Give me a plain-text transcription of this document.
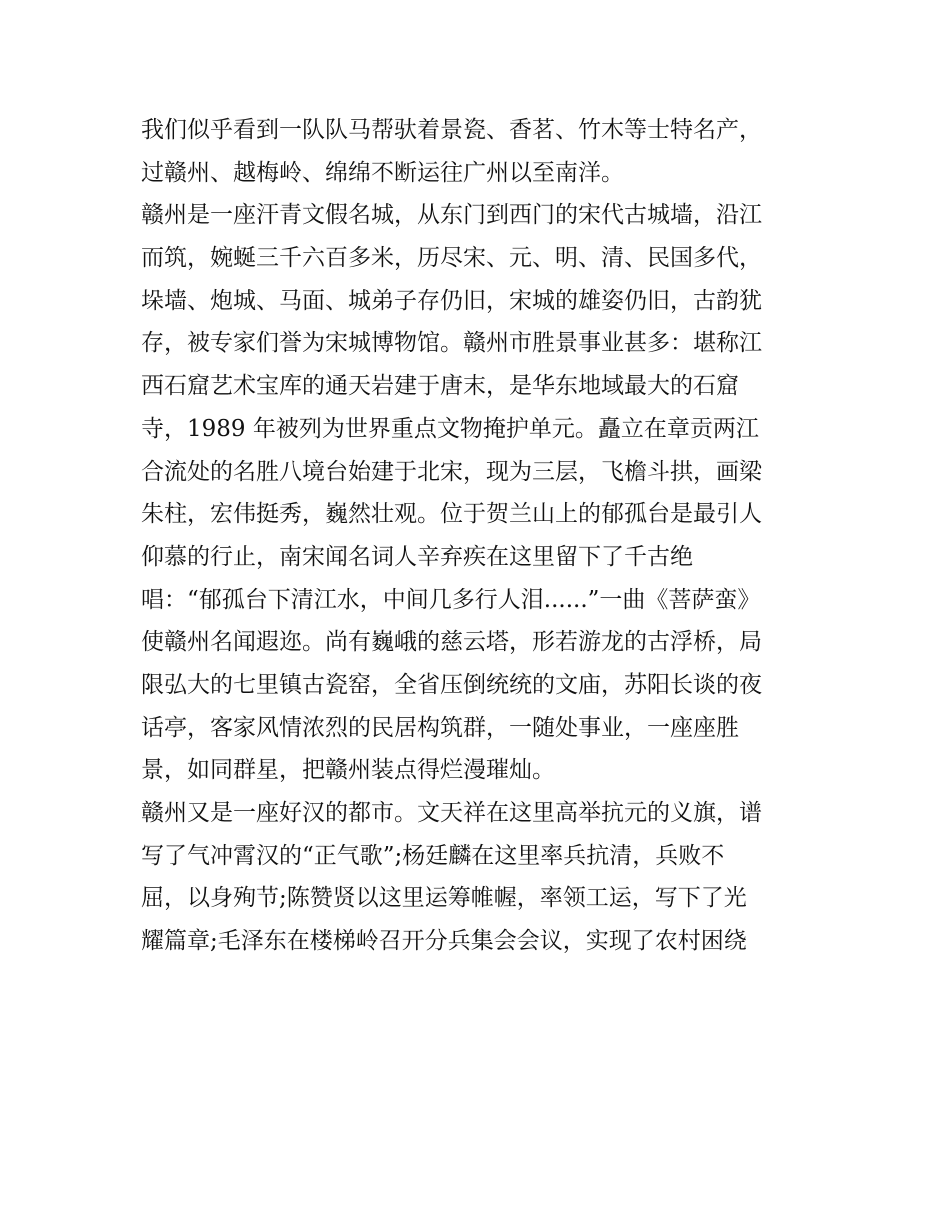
我们似乎看到一队队马帮驮着景瓷、香茗、竹木等士特名产，
过赣州、越梅岭、绵绵不断运往广州以至南洋。
赣州是一座汗青文假名城，从东门到西门的宋代古城墙，沿江
而筑，婉蜒三千六百多米，历尽宋、元、明、清、民国多代，
垛墙、炮城、马面、城弟子存仍旧，宋城的雄姿仍旧，古韵犹
存，被专家们誉为宋城博物馆。赣州市胜景事业甚多：堪称江
西石窟艺术宝库的通天岩建于唐末，是华东地域最大的石窟
寺，1989 年被列为世界重点文物掩护单元。矗立在章贡两江
合流处的名胜八境台始建于北宋，现为三层，飞檐斗拱，画梁
朱柱，宏伟挺秀，巍然壮观。位于贺兰山上的郁孤台是最引人
仰慕的行止，南宋闻名词人辛弃疾在这里留下了千古绝
唱：“郁孤台下清江水，中间几多行人泪......”一曲《菩萨蛮》
使赣州名闻遐迩。尚有巍峨的慈云塔，形若游龙的古浮桥，局
限弘大的七里镇古瓷窑，全省压倒统统的文庙，苏阳长谈的夜
话亭，客家风情浓烈的民居构筑群，一随处事业，一座座胜
景，如同群星，把赣州装点得烂漫璀灿。
赣州又是一座好汉的都市。文天祥在这里高举抗元的义旗，谱
写了气冲霄汉的“正气歌”;杨廷麟在这里率兵抗清，兵败不
屈，以身殉节;陈赞贤以这里运筹帷幄，率领工运，写下了光
耀篇章;毛泽东在楼梯岭召开分兵集会会议，实现了农村困绕
